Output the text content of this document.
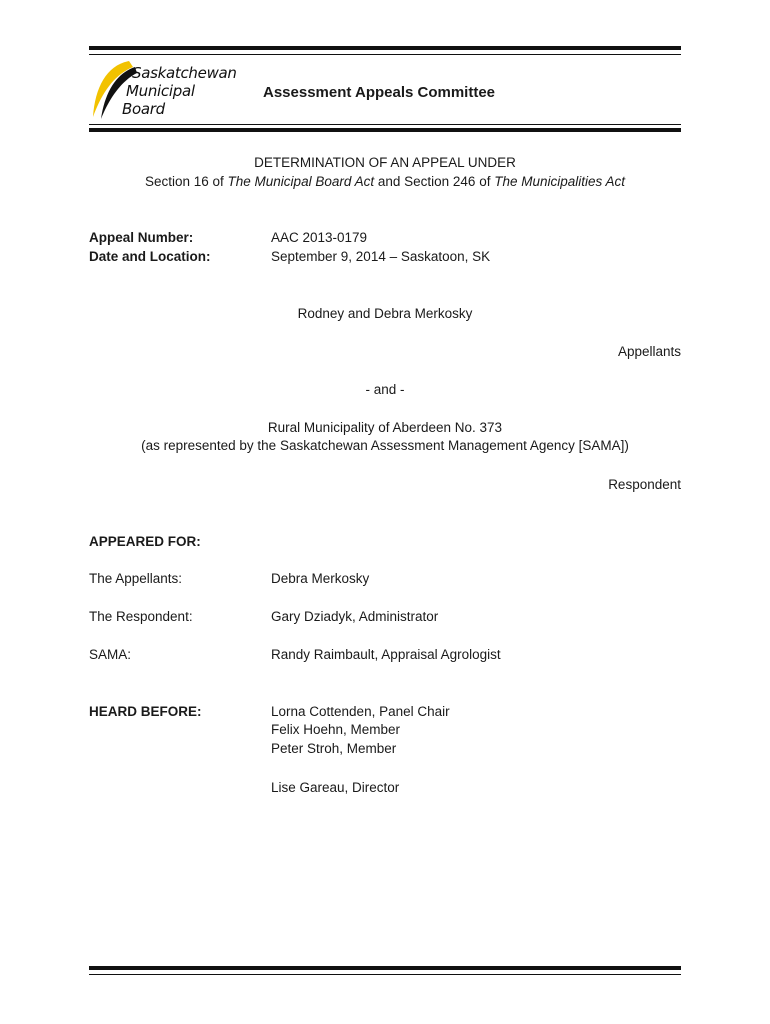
Saskatchewan
Municipal
Board
Assessment Appeals Committee
DETERMINATION OF AN APPEAL UNDER
Section 16 of The Municipal Board Act and Section 246 of The Municipalities Act
Appeal Number:	AAC 2013-0179
Date and Location:	September 9, 2014 – Saskatoon, SK
Rodney and Debra Merkosky
Appellants
- and -
Rural Municipality of Aberdeen No. 373
(as represented by the Saskatchewan Assessment Management Agency [SAMA])
Respondent
APPEARED FOR:
The Appellants:	Debra Merkosky
The Respondent:	Gary Dziadyk, Administrator
SAMA:	Randy Raimbault, Appraisal Agrologist
HEARD BEFORE:	Lorna Cottenden, Panel Chair
Felix Hoehn, Member
Peter Stroh, Member
Lise Gareau, Director
